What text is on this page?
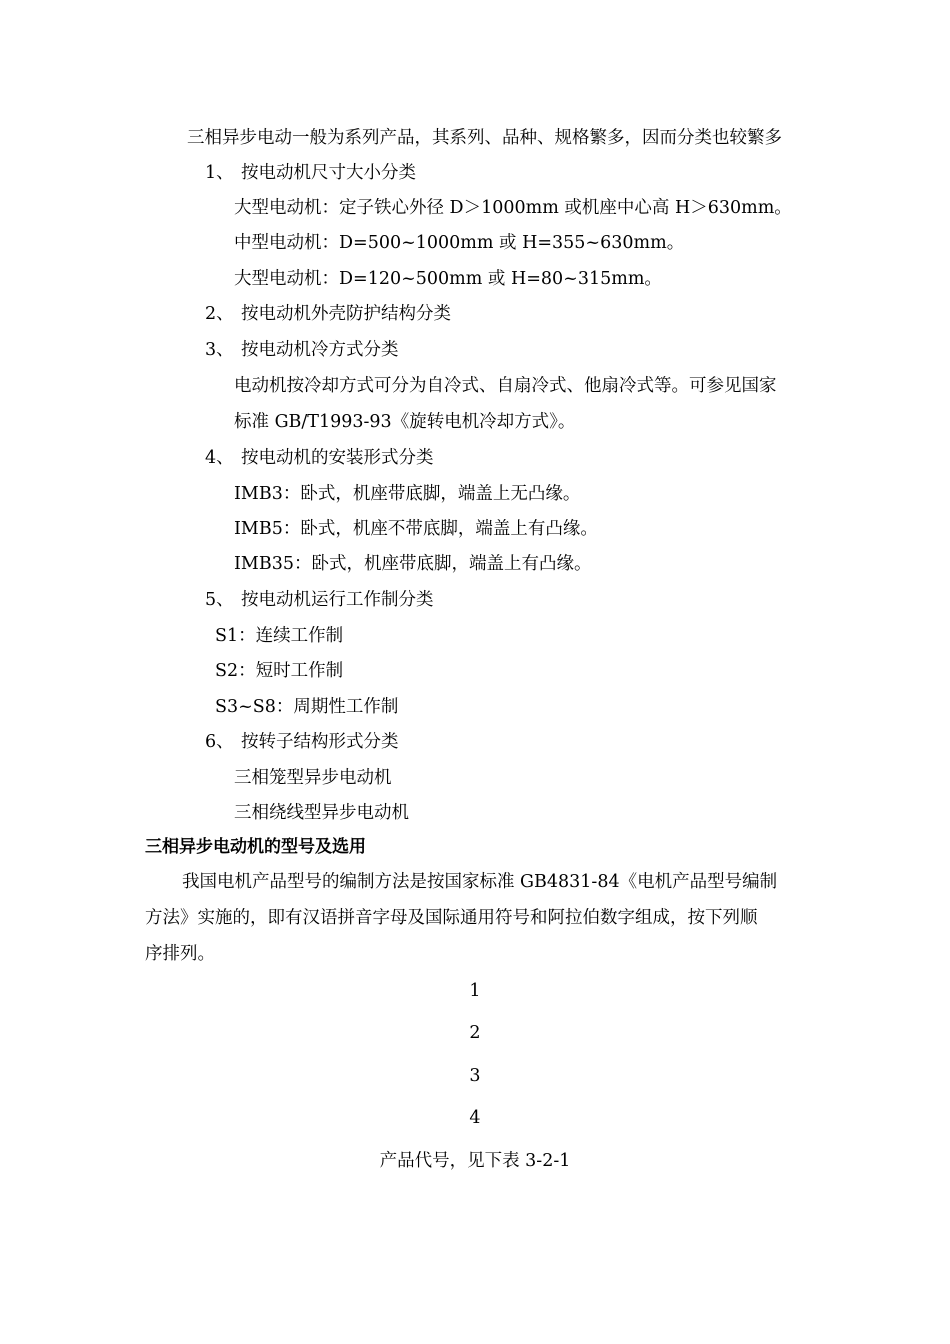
三相异步电动一般为系列产品，其系列、品种、规格繁多，因而分类也较繁多
1、 按电动机尺寸大小分类
大型电动机：定子铁心外径 D＞1000mm 或机座中心高 H＞630mm。
中型电动机：D=500~1000mm 或 H=355~630mm。
大型电动机：D=120~500mm 或 H=80~315mm。
2、 按电动机外壳防护结构分类
3、 按电动机冷方式分类
电动机按冷却方式可分为自冷式、自扇冷式、他扇冷式等。可参见国家
标准 GB/T1993-93《旋转电机冷却方式》。
4、 按电动机的安装形式分类
IMB3：卧式，机座带底脚，端盖上无凸缘。
IMB5：卧式，机座不带底脚，端盖上有凸缘。
IMB35：卧式，机座带底脚，端盖上有凸缘。
5、 按电动机运行工作制分类
S1：连续工作制
S2：短时工作制
S3~S8：周期性工作制
6、 按转子结构形式分类
三相笼型异步电动机
三相绕线型异步电动机
三相异步电动机的型号及选用
我国电机产品型号的编制方法是按国家标准 GB4831-84《电机产品型号编制
方法》实施的，即有汉语拼音字母及国际通用符号和阿拉伯数字组成，按下列顺
序排列。
1
2
3
4
产品代号，见下表 3-2-1
